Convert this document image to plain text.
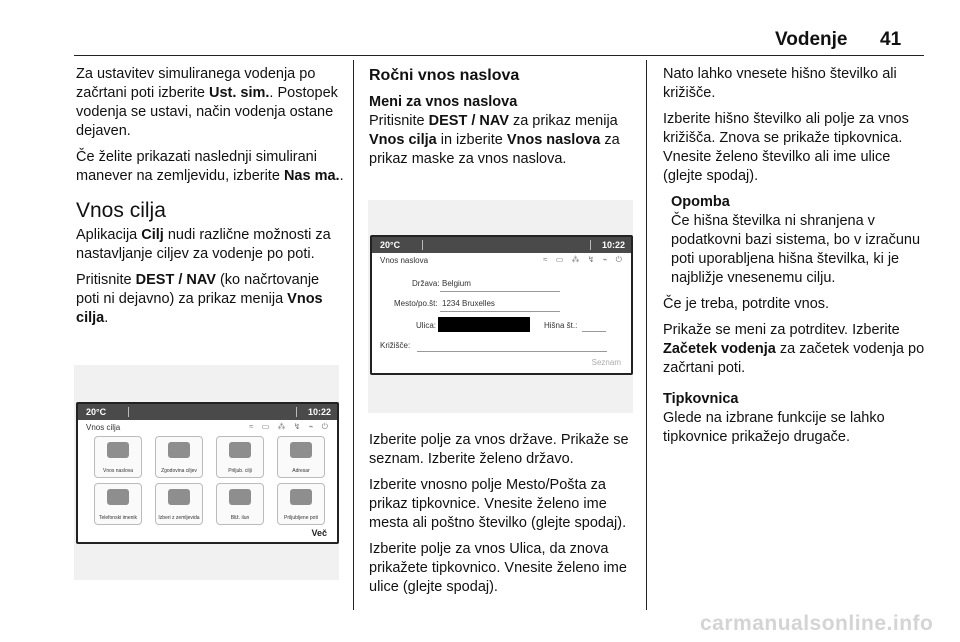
Vodenje 41

Za ustavitev simuliranega vodenja po začrtani poti izberite Ust. sim.. Postopek vodenja se ustavi, način vodenja ostane dejaven.

Če želite prikazati naslednji simulirani manever na zemljevidu, izberite Nas ma..

Vnos cilja

Aplikacija Cilj nudi različne možnosti za nastavljanje ciljev za vodenje po poti.

Pritisnite DEST / NAV (ko načrtovanje poti ni dejavno) za prikaz menija Vnos cilja.

20°C	10:22
Vnos cilja	≈ ▭ ⁂ ↯ ⌁ ⏻
Vnos naslova	Zgodovina ciljev	Priljub. cilji	Adresar
Telefonski imenik	Izberi z zemljevida	Bliž. ilun	Priljubljene poti
Več
Ročni vnos naslova
Meni za vnos naslova

Pritisnite DEST / NAV za prikaz menija Vnos cilja in izberite Vnos naslova za prikaz maske za vnos naslova.

20°C	10:22
Vnos naslova	≈ ▭ ⁂ ↯ ⌁ ⏻
Država: Belgium
Mesto/po.št: 1234 Bruxelles
Ulica:	Hišna št.:
Križišče:
Seznam

Izberite polje za vnos države. Prikaže se seznam. Izberite želeno državo.

Izberite vnosno polje Mesto/Pošta za prikaz tipkovnice. Vnesite želeno ime mesta ali poštno številko (glejte spodaj).

Izberite polje za vnos Ulica, da znova prikažete tipkovnico. Vnesite želeno ime ulice (glejte spodaj).

Nato lahko vnesete hišno številko ali križišče.

Izberite hišno številko ali polje za vnos križišča. Znova se prikaže tipkovnica. Vnesite želeno številko ali ime ulice (glejte spodaj).

Opomba
Če hišna številka ni shranjena v podatkovni bazi sistema, bo v izračunu poti uporabljena hišna številka, ki je najbližje vnesenemu cilju.

Če je treba, potrdite vnos.

Prikaže se meni za potrditev. Izberite Začetek vodenja za začetek vodenja po začrtani poti.

Tipkovnica

Glede na izbrane funkcije se lahko tipkovnice prikažejo drugače.

carmanualsonline.info
